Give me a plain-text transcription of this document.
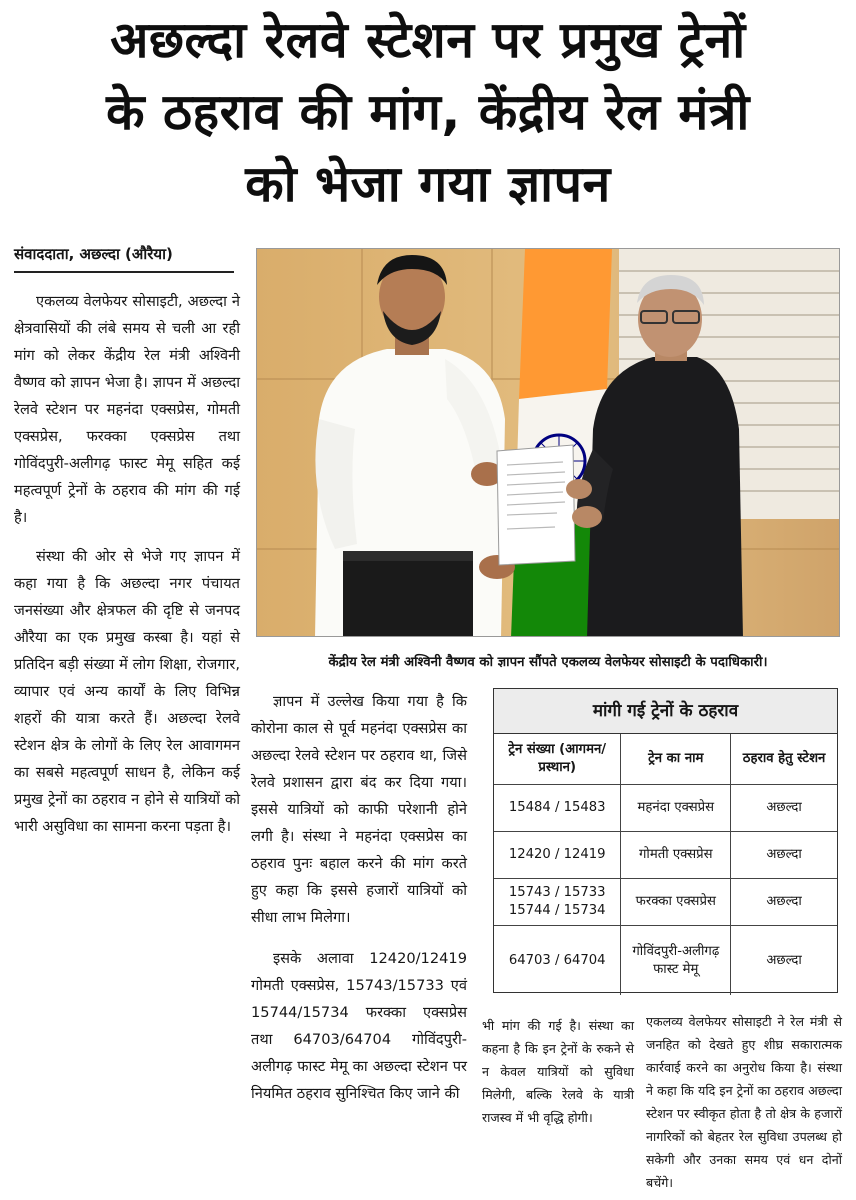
अछल्दा रेलवे स्टेशन पर प्रमुख ट्रेनों
के ठहराव की मांग, केंद्रीय रेल मंत्री
को भेजा गया ज्ञापन
संवाददाता, अछल्दा (औरैया)

एकलव्य वेलफेयर सोसाइटी, अछल्दा ने क्षेत्रवासियों की लंबे समय से चली आ रही मांग को लेकर केंद्रीय रेल मंत्री अश्विनी वैष्णव को ज्ञापन भेजा है। ज्ञापन में अछल्दा रेलवे स्टेशन पर महनंदा एक्सप्रेस, गोमती एक्सप्रेस, फरक्का एक्सप्रेस तथा गोविंदपुरी-अलीगढ़ फास्ट मेमू सहित कई महत्वपूर्ण ट्रेनों के ठहराव की मांग की गई है।

संस्था की ओर से भेजे गए ज्ञापन में कहा गया है कि अछल्दा नगर पंचायत जनसंख्या और क्षेत्रफल की दृष्टि से जनपद औरैया का एक प्रमुख कस्बा है। यहां से प्रतिदिन बड़ी संख्या में लोग शिक्षा, रोजगार, व्यापार एवं अन्य कार्यों के लिए विभिन्न शहरों की यात्रा करते हैं। अछल्दा रेलवे स्टेशन क्षेत्र के लोगों के लिए रेल आवागमन का सबसे महत्वपूर्ण साधन है, लेकिन कई प्रमुख ट्रेनों का ठहराव न होने से यात्रियों को भारी असुविधा का सामना करना पड़ता है।

केंद्रीय रेल मंत्री अश्विनी वैष्णव को ज्ञापन सौंपते एकलव्य वेलफेयर सोसाइटी के पदाधिकारी।

ज्ञापन में उल्लेख किया गया है कि कोरोना काल से पूर्व महनंदा एक्सप्रेस का अछल्दा रेलवे स्टेशन पर ठहराव था, जिसे रेलवे प्रशासन द्वारा बंद कर दिया गया। इससे यात्रियों को काफी परेशानी होने लगी है। संस्था ने महनंदा एक्सप्रेस का ठहराव पुनः बहाल करने की मांग करते हुए कहा कि इससे हजारों यात्रियों को सीधा लाभ मिलेगा।

इसके अलावा 12420/12419 गोमती एक्सप्रेस, 15743/15733 एवं 15744/15734 फरक्का एक्सप्रेस तथा 64703/64704 गोविंदपुरी-अलीगढ़ फास्ट मेमू का अछल्दा स्टेशन पर नियमित ठहराव सुनिश्चित किए जाने की

मांगी गई ट्रेनों के ठहराव
ट्रेन संख्या (आगमन/प्रस्थान)	ट्रेन का नाम	ठहराव हेतु स्टेशन
15484 / 15483	महनंदा एक्सप्रेस	अछल्दा
12420 / 12419	गोमती एक्सप्रेस	अछल्दा
15743 / 15733 15744 / 15734	फरक्का एक्सप्रेस	अछल्दा
64703 / 64704	गोविंदपुरी-अलीगढ़ फास्ट मेमू	अछल्दा

भी मांग की गई है। संस्था का कहना है कि इन ट्रेनों के रुकने से न केवल यात्रियों को सुविधा मिलेगी, बल्कि रेलवे के यात्री राजस्व में भी वृद्धि होगी।

एकलव्य वेलफेयर सोसाइटी ने रेल मंत्री से जनहित को देखते हुए शीघ्र सकारात्मक कार्रवाई करने का अनुरोध किया है। संस्था ने कहा कि यदि इन ट्रेनों का ठहराव अछल्दा स्टेशन पर स्वीकृत होता है तो क्षेत्र के हजारों नागरिकों को बेहतर रेल सुविधा उपलब्ध हो सकेगी और उनका समय एवं धन दोनों बचेंगे।
